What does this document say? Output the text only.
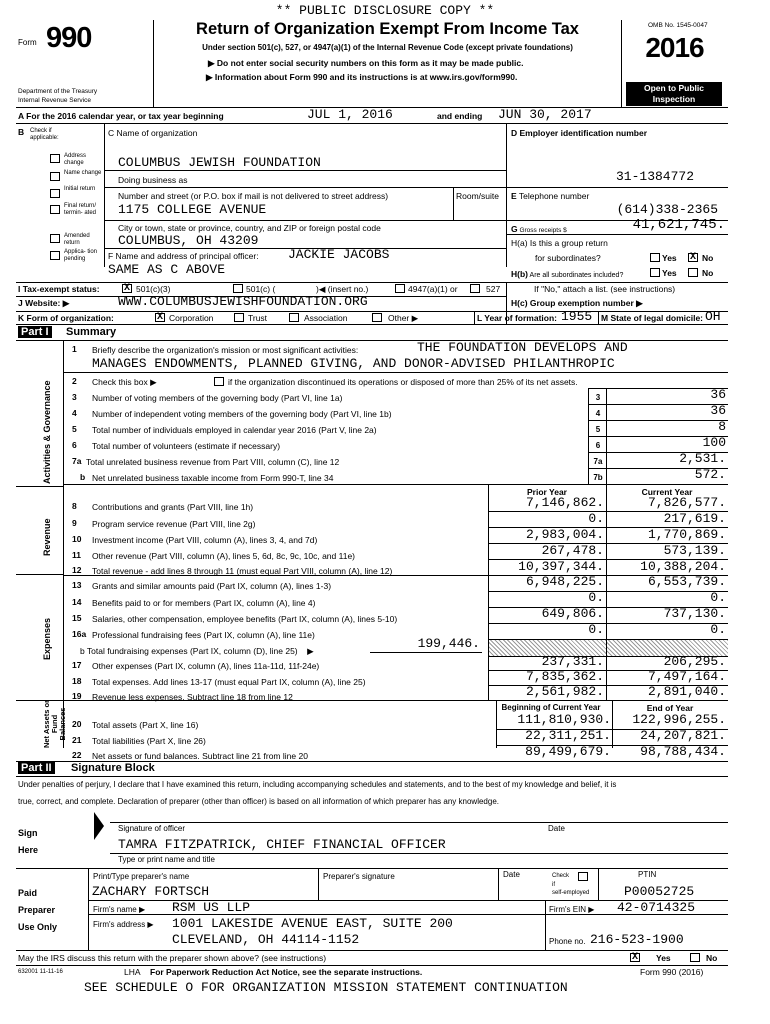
** PUBLIC DISCLOSURE COPY **
Form 990
Department of the Treasury
Internal Revenue Service
Return of Organization Exempt From Income Tax
Under section 501(c), 527, or 4947(a)(1) of the Internal Revenue Code (except private foundations)
▶ Do not enter social security numbers on this form as it may be made public.
▶ Information about Form 990 and its instructions is at www.irs.gov/form990.
OMB No. 1545-0047
2016
Open to Public
Inspection
A For the 2016 calendar year, or tax year beginning	JUL 1, 2016	and ending JUN 30, 2017
B Check if
applicable:
Address change
Name change
Initial return
Final return/ termin- ated
Amended return
Applica- tion pending
C Name of organization
COLUMBUS JEWISH FOUNDATION
Doing business as
Number and street (or P.O. box if mail is not delivered to street address)	Room/suite
1175 COLLEGE AVENUE
City or town, state or province, country, and ZIP or foreign postal code
COLUMBUS, OH 43209
F Name and address of principal officer: JACKIE JACOBS
SAME AS C ABOVE
D Employer identification number
31-1384772
E Telephone number
(614)338-2365
G Gross receipts $	41,621,745.
H(a) Is this a group return
for subordinates?	Yes X No
H(b) Are all subordinates included?	Yes	No
If "No," attach a list. (see instructions)
I Tax-exempt status: X 501(c)(3)	501(c) (	)◀ (insert no.)	4947(a)(1) or	527
H(c) Group exemption number ▶
J Website: ▶	WWW.COLUMBUSJEWISHFOUNDATION.ORG
K Form of organization:	X Corporation	Trust	Association	Other ▶	L Year of formation: 1955 M State of legal domicile: OH
Part I Summary
Activities & Governance
Revenue
Expenses
Net Assets or Fund Balances
1 Briefly describe the organization's mission or most significant activities:	THE FOUNDATION DEVELOPS AND
MANAGES ENDOWMENTS, PLANNED GIVING, AND DONOR-ADVISED PHILANTHROPIC
2 Check this box ▶	if the organization discontinued its operations or disposed of more than 25% of its net assets.
3 Number of voting members of the governing body (Part VI, line 1a)	3	36
4 Number of independent voting members of the governing body (Part VI, line 1b)	4	36
5 Total number of individuals employed in calendar year 2016 (Part V, line 2a)	5	8
6 Total number of volunteers (estimate if necessary)	6	100
7a Total unrelated business revenue from Part VIII, column (C), line 12	7a	2,531.
b Net unrelated business taxable income from Form 990-T, line 34	7b	572.
Prior Year	Current Year
8 Contributions and grants (Part VIII, line 1h)	7,146,862.	7,826,577.
9 Program service revenue (Part VIII, line 2g)	0.	217,619.
10 Investment income (Part VIII, column (A), lines 3, 4, and 7d)	2,983,004.	1,770,869.
11 Other revenue (Part VIII, column (A), lines 5, 6d, 8c, 9c, 10c, and 11e)	267,478.	573,139.
12 Total revenue - add lines 8 through 11 (must equal Part VIII, column (A), line 12)	10,397,344.	10,388,204.
13 Grants and similar amounts paid (Part IX, column (A), lines 1-3)	6,948,225.	6,553,739.
14 Benefits paid to or for members (Part IX, column (A), line 4)	0.	0.
15 Salaries, other compensation, employee benefits (Part IX, column (A), lines 5-10)	649,806.	737,130.
16a Professional fundraising fees (Part IX, column (A), line 11e)	0.	0.
b Total fundraising expenses (Part IX, column (D), line 25)    ▶	199,446.
17 Other expenses (Part IX, column (A), lines 11a-11d, 11f-24e)	237,331.	206,295.
18 Total expenses. Add lines 13-17 (must equal Part IX, column (A), line 25)	7,835,362.	7,497,164.
19 Revenue less expenses. Subtract line 18 from line 12	2,561,982.	2,891,040.
Beginning of Current Year	End of Year
20 Total assets (Part X, line 16)	111,810,930.	122,996,255.
21 Total liabilities (Part X, line 26)	22,311,251.	24,207,821.
22 Net assets or fund balances. Subtract line 21 from line 20	89,499,679.	98,788,434.
Part II Signature Block
Under penalties of perjury, I declare that I have examined this return, including accompanying schedules and statements, and to the best of my knowledge and belief, it is
true, correct, and complete. Declaration of preparer (other than officer) is based on all information of which preparer has any knowledge.
Sign
Here
Signature of officer	Date
TAMRA FITZPATRICK, CHIEF FINANCIAL OFFICER
Type or print name and title
Paid
Preparer
Use Only
Print/Type preparer's name	Preparer's signature	Date	Check
if
self-employed
PTIN
ZACHARY FORTSCH	P00052725
Firm's name ▶ RSM US LLP	Firm's EIN ▶ 42-0714325
Firm's address ▶ 1001 LAKESIDE AVENUE EAST, SUITE 200
CLEVELAND, OH 44114-1152	Phone no. 216-523-1900
May the IRS discuss this return with the preparer shown above? (see instructions)	X Yes	No
632001 11-11-16	LHA For Paperwork Reduction Act Notice, see the separate instructions.	Form 990 (2016)
SEE SCHEDULE O FOR ORGANIZATION MISSION STATEMENT CONTINUATION
